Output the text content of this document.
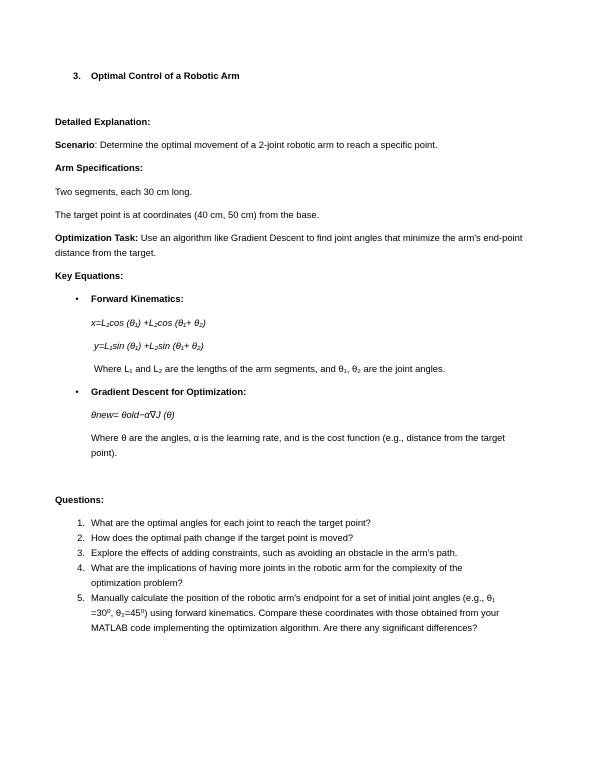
3. Optimal Control of a Robotic Arm
Detailed Explanation:
Scenario: Determine the optimal movement of a 2-joint robotic arm to reach a specific point.
Arm Specifications:
Two segments, each 30 cm long.
The target point is at coordinates (40 cm, 50 cm) from the base.
Optimization Task: Use an algorithm like Gradient Descent to find joint angles that minimize the arm's end-point
distance from the target.
Key Equations:
• Forward Kinematics:
x=L₁cos (θ₁) +L₂cos (θ₁+ θ₂)
y=L₁sin (θ₁) +L₂sin (θ₁+ θ₂)
Where L₁ and L₂ are the lengths of the arm segments, and θ₁, θ₂ are the joint angles.
• Gradient Descent for Optimization:
θnew= θold−α∇J (θ)
Where θ are the angles, α is the learning rate, and is the cost function (e.g., distance from the target
point).
Questions:
1. What are the optimal angles for each joint to reach the target point?
2. How does the optimal path change if the target point is moved?
3. Explore the effects of adding constraints, such as avoiding an obstacle in the arm's path.
4. What are the implications of having more joints in the robotic arm for the complexity of the
optimization problem?
5. Manually calculate the position of the robotic arm's endpoint for a set of initial joint angles (e.g., θ₁
=30⁰, θ₂=45⁰) using forward kinematics. Compare these coordinates with those obtained from your
MATLAB code implementing the optimization algorithm. Are there any significant differences?
